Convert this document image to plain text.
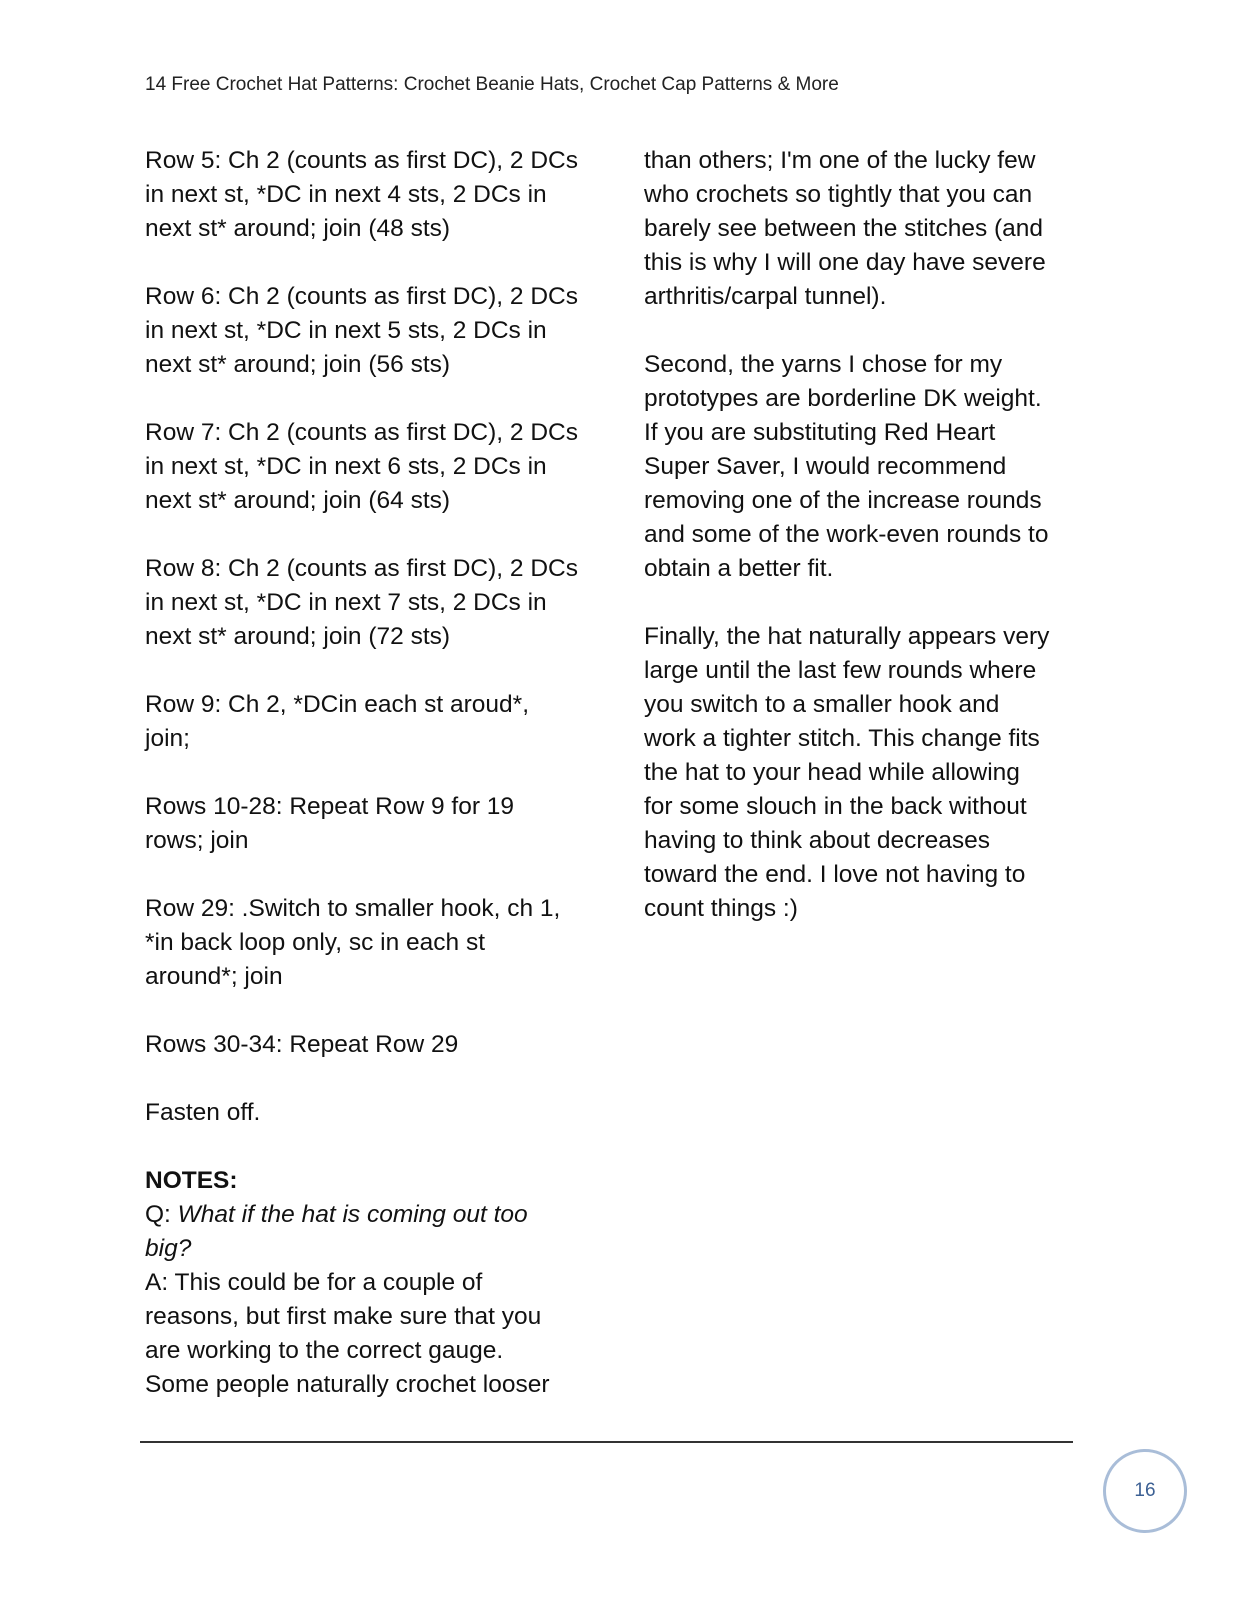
14 Free Crochet Hat Patterns: Crochet Beanie Hats, Crochet Cap Patterns & More

Row 5: Ch 2 (counts as first DC), 2 DCs
in next st, *DC in next 4 sts, 2 DCs in
next st* around; join (48 sts)

Row 6: Ch 2 (counts as first DC), 2 DCs
in next st, *DC in next 5 sts, 2 DCs in
next st* around; join (56 sts)

Row 7: Ch 2 (counts as first DC), 2 DCs
in next st, *DC in next 6 sts, 2 DCs in
next st* around; join (64 sts)

Row 8: Ch 2 (counts as first DC), 2 DCs
in next st, *DC in next 7 sts, 2 DCs in
next st* around; join (72 sts)

Row 9: Ch 2, *DCin each st aroud*,
join;

Rows 10-28: Repeat Row 9 for 19
rows; join

Row 29: .Switch to smaller hook, ch 1,
*in back loop only, sc in each st
around*; join

Rows 30-34: Repeat Row 29

Fasten off.

NOTES:

Q: What if the hat is coming out too
big?

A: This could be for a couple of
reasons, but first make sure that you
are working to the correct gauge.
Some people naturally crochet looser

than others; I'm one of the lucky few
who crochets so tightly that you can
barely see between the stitches (and
this is why I will one day have severe
arthritis/carpal tunnel).

Second, the yarns I chose for my
prototypes are borderline DK weight.
If you are substituting Red Heart
Super Saver, I would recommend
removing one of the increase rounds
and some of the work-even rounds to
obtain a better fit.

Finally, the hat naturally appears very
large until the last few rounds where
you switch to a smaller hook and
work a tighter stitch. This change fits
the hat to your head while allowing
for some slouch in the back without
having to think about decreases
toward the end. I love not having to
count things :)

16
